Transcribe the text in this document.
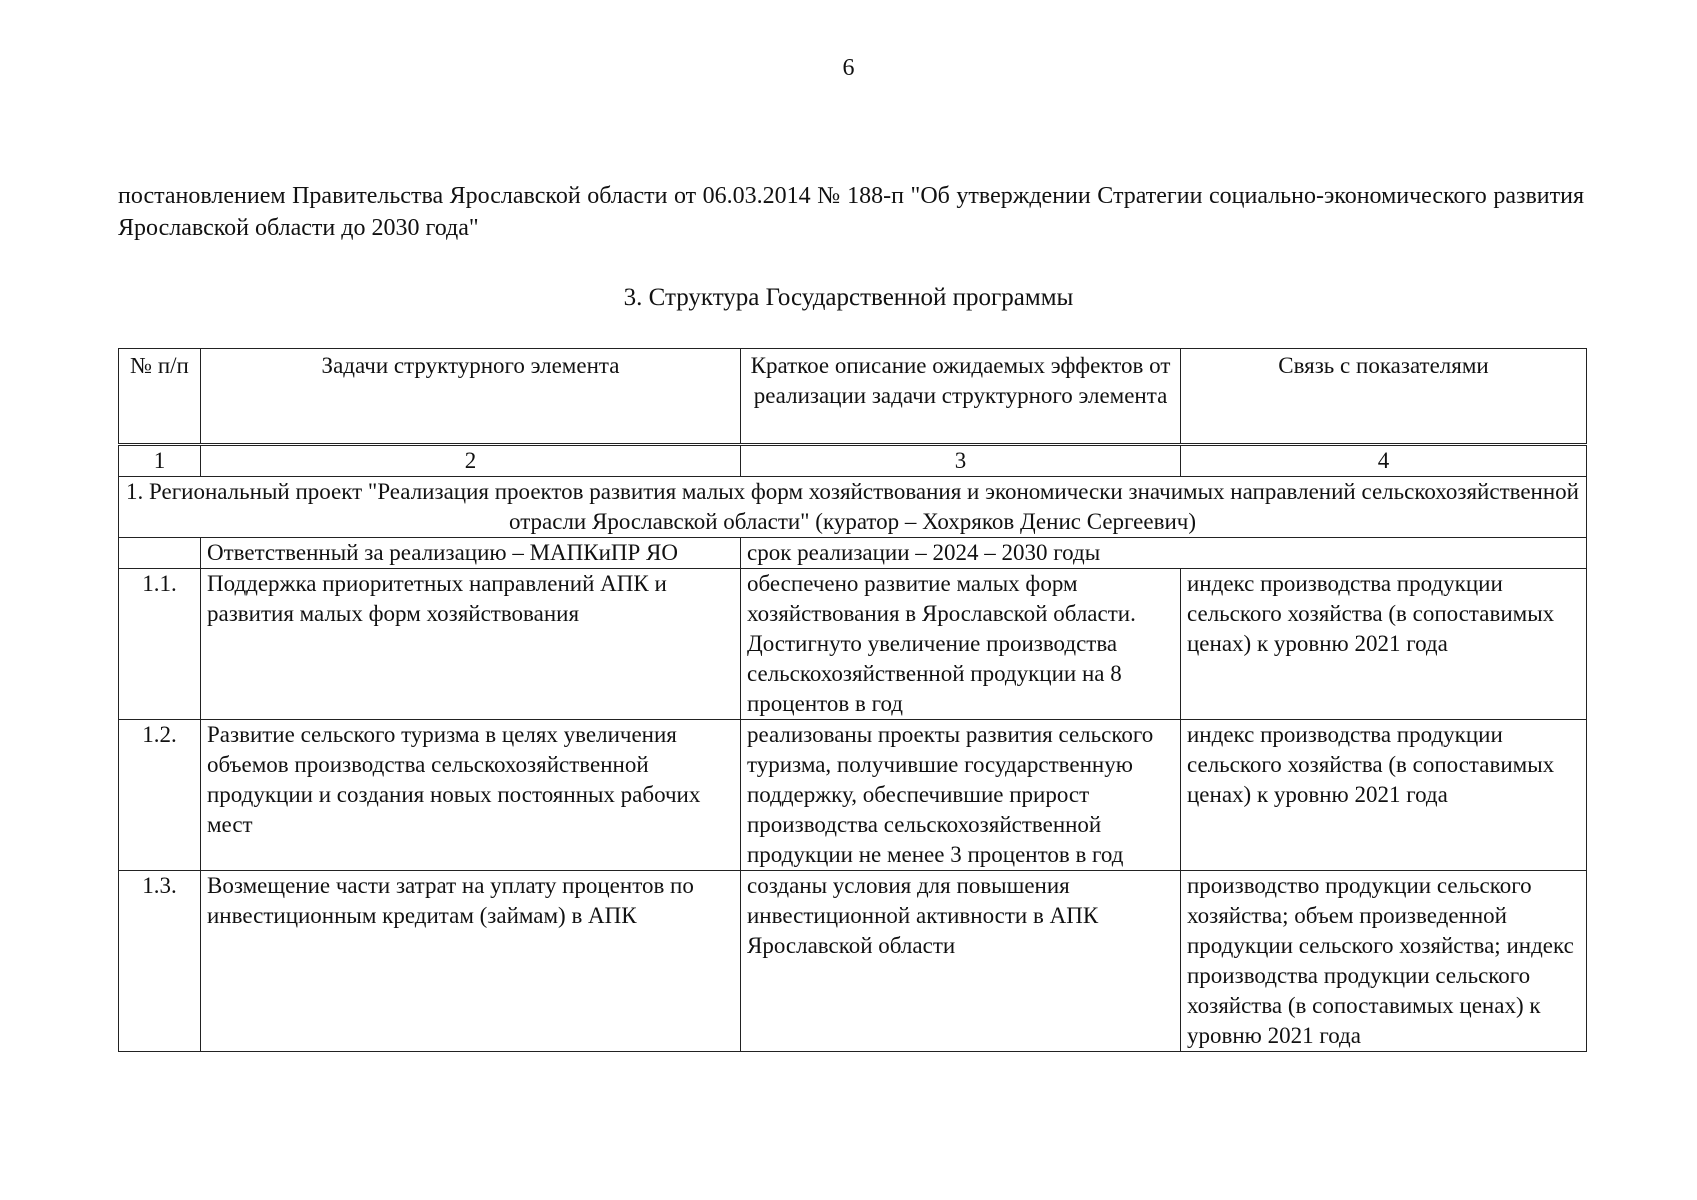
6
постановлением Правительства Ярославской области от 06.03.2014 № 188-п "Об утверждении Стратегии социально-экономического развития Ярославской области до 2030 года"
3. Структура Государственной программы
№ п/п	Задачи структурного элемента	Краткое описание ожидаемых эффектов от реализации задачи структурного элемента	Связь с показателями
1	2	3	4
1. Региональный проект "Реализация проектов развития малых форм хозяйствования и экономически значимых направлений сельскохозяйственной отрасли Ярославской области" (куратор – Хохряков Денис Сергеевич)			
	Ответственный за реализацию – МАПКиПР ЯО	срок реализации – 2024 – 2030 годы	
1.1.	Поддержка приоритетных направлений АПК и развития малых форм хозяйствования	обеспечено развитие малых форм хозяйствования в Ярославской области. Достигнуто увеличение производства сельскохозяйственной продукции на 8 процентов в год	индекс производства продукции сельского хозяйства (в сопоставимых ценах) к уровню 2021 года
1.2.	Развитие сельского туризма в целях увеличения объемов производства сельскохозяйственной продукции и создания новых постоянных рабочих мест	реализованы проекты развития сельского туризма, получившие государственную поддержку, обеспечившие прирост производства сельскохозяйственной продукции не менее 3 процентов в год	индекс производства продукции сельского хозяйства (в сопоставимых ценах) к уровню 2021 года
1.3.	Возмещение части затрат на уплату процентов по инвестиционным кредитам (займам) в АПК	созданы условия для повышения инвестиционной активности в АПК Ярославской области	производство продукции сельского хозяйства; объем произведенной продукции сельского хозяйства; индекс производства продукции сельского хозяйства (в сопоставимых ценах) к уровню 2021 года
